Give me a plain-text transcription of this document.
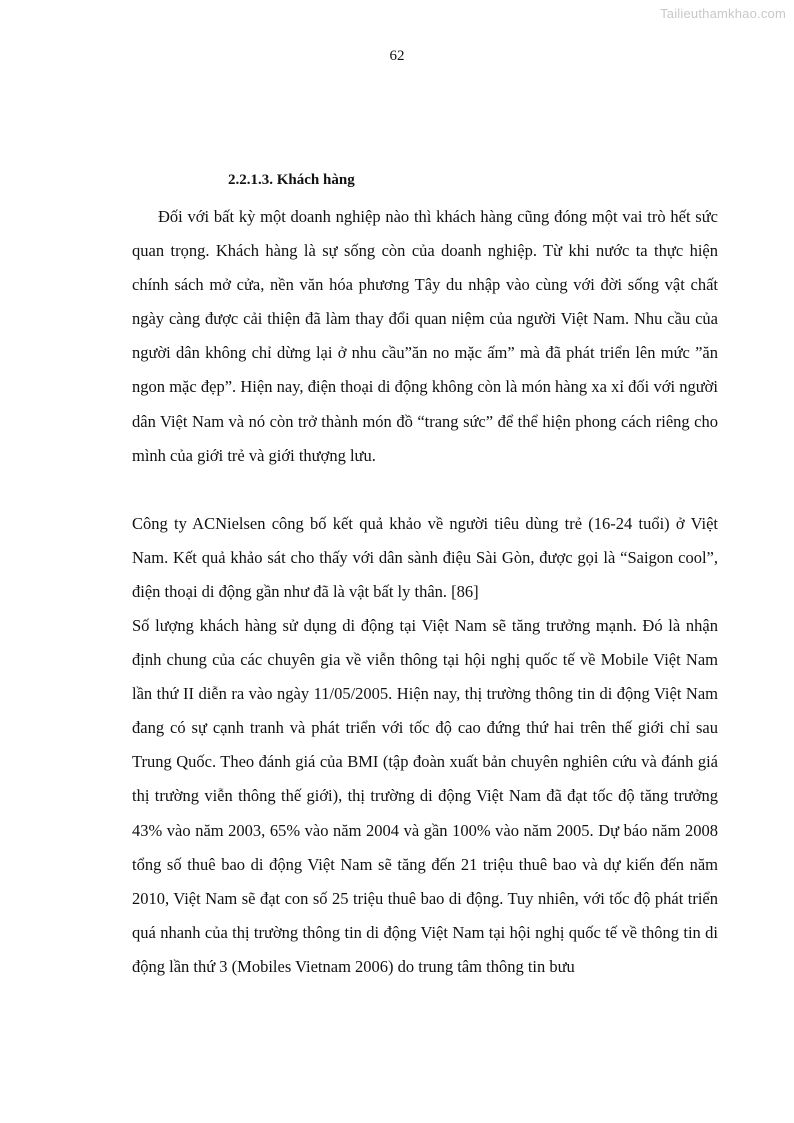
Tailieuthamkhao.com
62
2.2.1.3. Khách hàng

Đối với bất kỳ một doanh nghiệp nào thì khách hàng cũng đóng một vai trò hết sức quan trọng. Khách hàng là sự sống còn của doanh nghiệp. Từ khi nước ta thực hiện chính sách mở cửa, nền văn hóa phương Tây du nhập vào cùng với đời sống vật chất ngày càng được cải thiện đã làm thay đổi quan niệm của người Việt Nam. Nhu cầu của người dân không chỉ dừng lại ở nhu cầu”ăn no mặc ấm” mà đã phát triển lên mức ”ăn ngon mặc đẹp”. Hiện nay, điện thoại di động không còn là món hàng xa xỉ đối với người dân Việt Nam và nó còn trở thành món đồ “trang sức” để thể hiện phong cách riêng cho mình của giới trẻ và giới thượng lưu.

Công ty ACNielsen công bố kết quả khảo về người tiêu dùng trẻ (16-24 tuổi) ở Việt Nam. Kết quả khảo sát cho thấy với dân sành điệu Sài Gòn, được gọi là “Saigon cool”, điện thoại di động gần như đã là vật bất ly thân. [86]

Số lượng khách hàng sử dụng di động tại Việt Nam sẽ tăng trưởng mạnh. Đó là nhận định chung của các chuyên gia về viễn thông tại hội nghị quốc tế về Mobile Việt Nam lần thứ II diễn ra vào ngày 11/05/2005. Hiện nay, thị trường thông tin di động Việt Nam đang có sự cạnh tranh và phát triển với tốc độ cao đứng thứ hai trên thế giới chỉ sau Trung Quốc. Theo đánh giá của BMI (tập đoàn xuất bản chuyên nghiên cứu và đánh giá thị trường viễn thông thế giới), thị trường di động Việt Nam đã đạt tốc độ tăng trưởng 43% vào năm 2003, 65% vào năm 2004 và gần 100% vào năm 2005. Dự báo năm 2008 tổng số thuê bao di động Việt Nam sẽ tăng đến 21 triệu thuê bao và dự kiến đến năm 2010, Việt Nam sẽ đạt con số 25 triệu thuê bao di động. Tuy nhiên, với tốc độ phát triển quá nhanh của thị trường thông tin di động Việt Nam tại hội nghị quốc tế về thông tin di động lần thứ 3 (Mobiles Vietnam 2006) do trung tâm thông tin bưu
